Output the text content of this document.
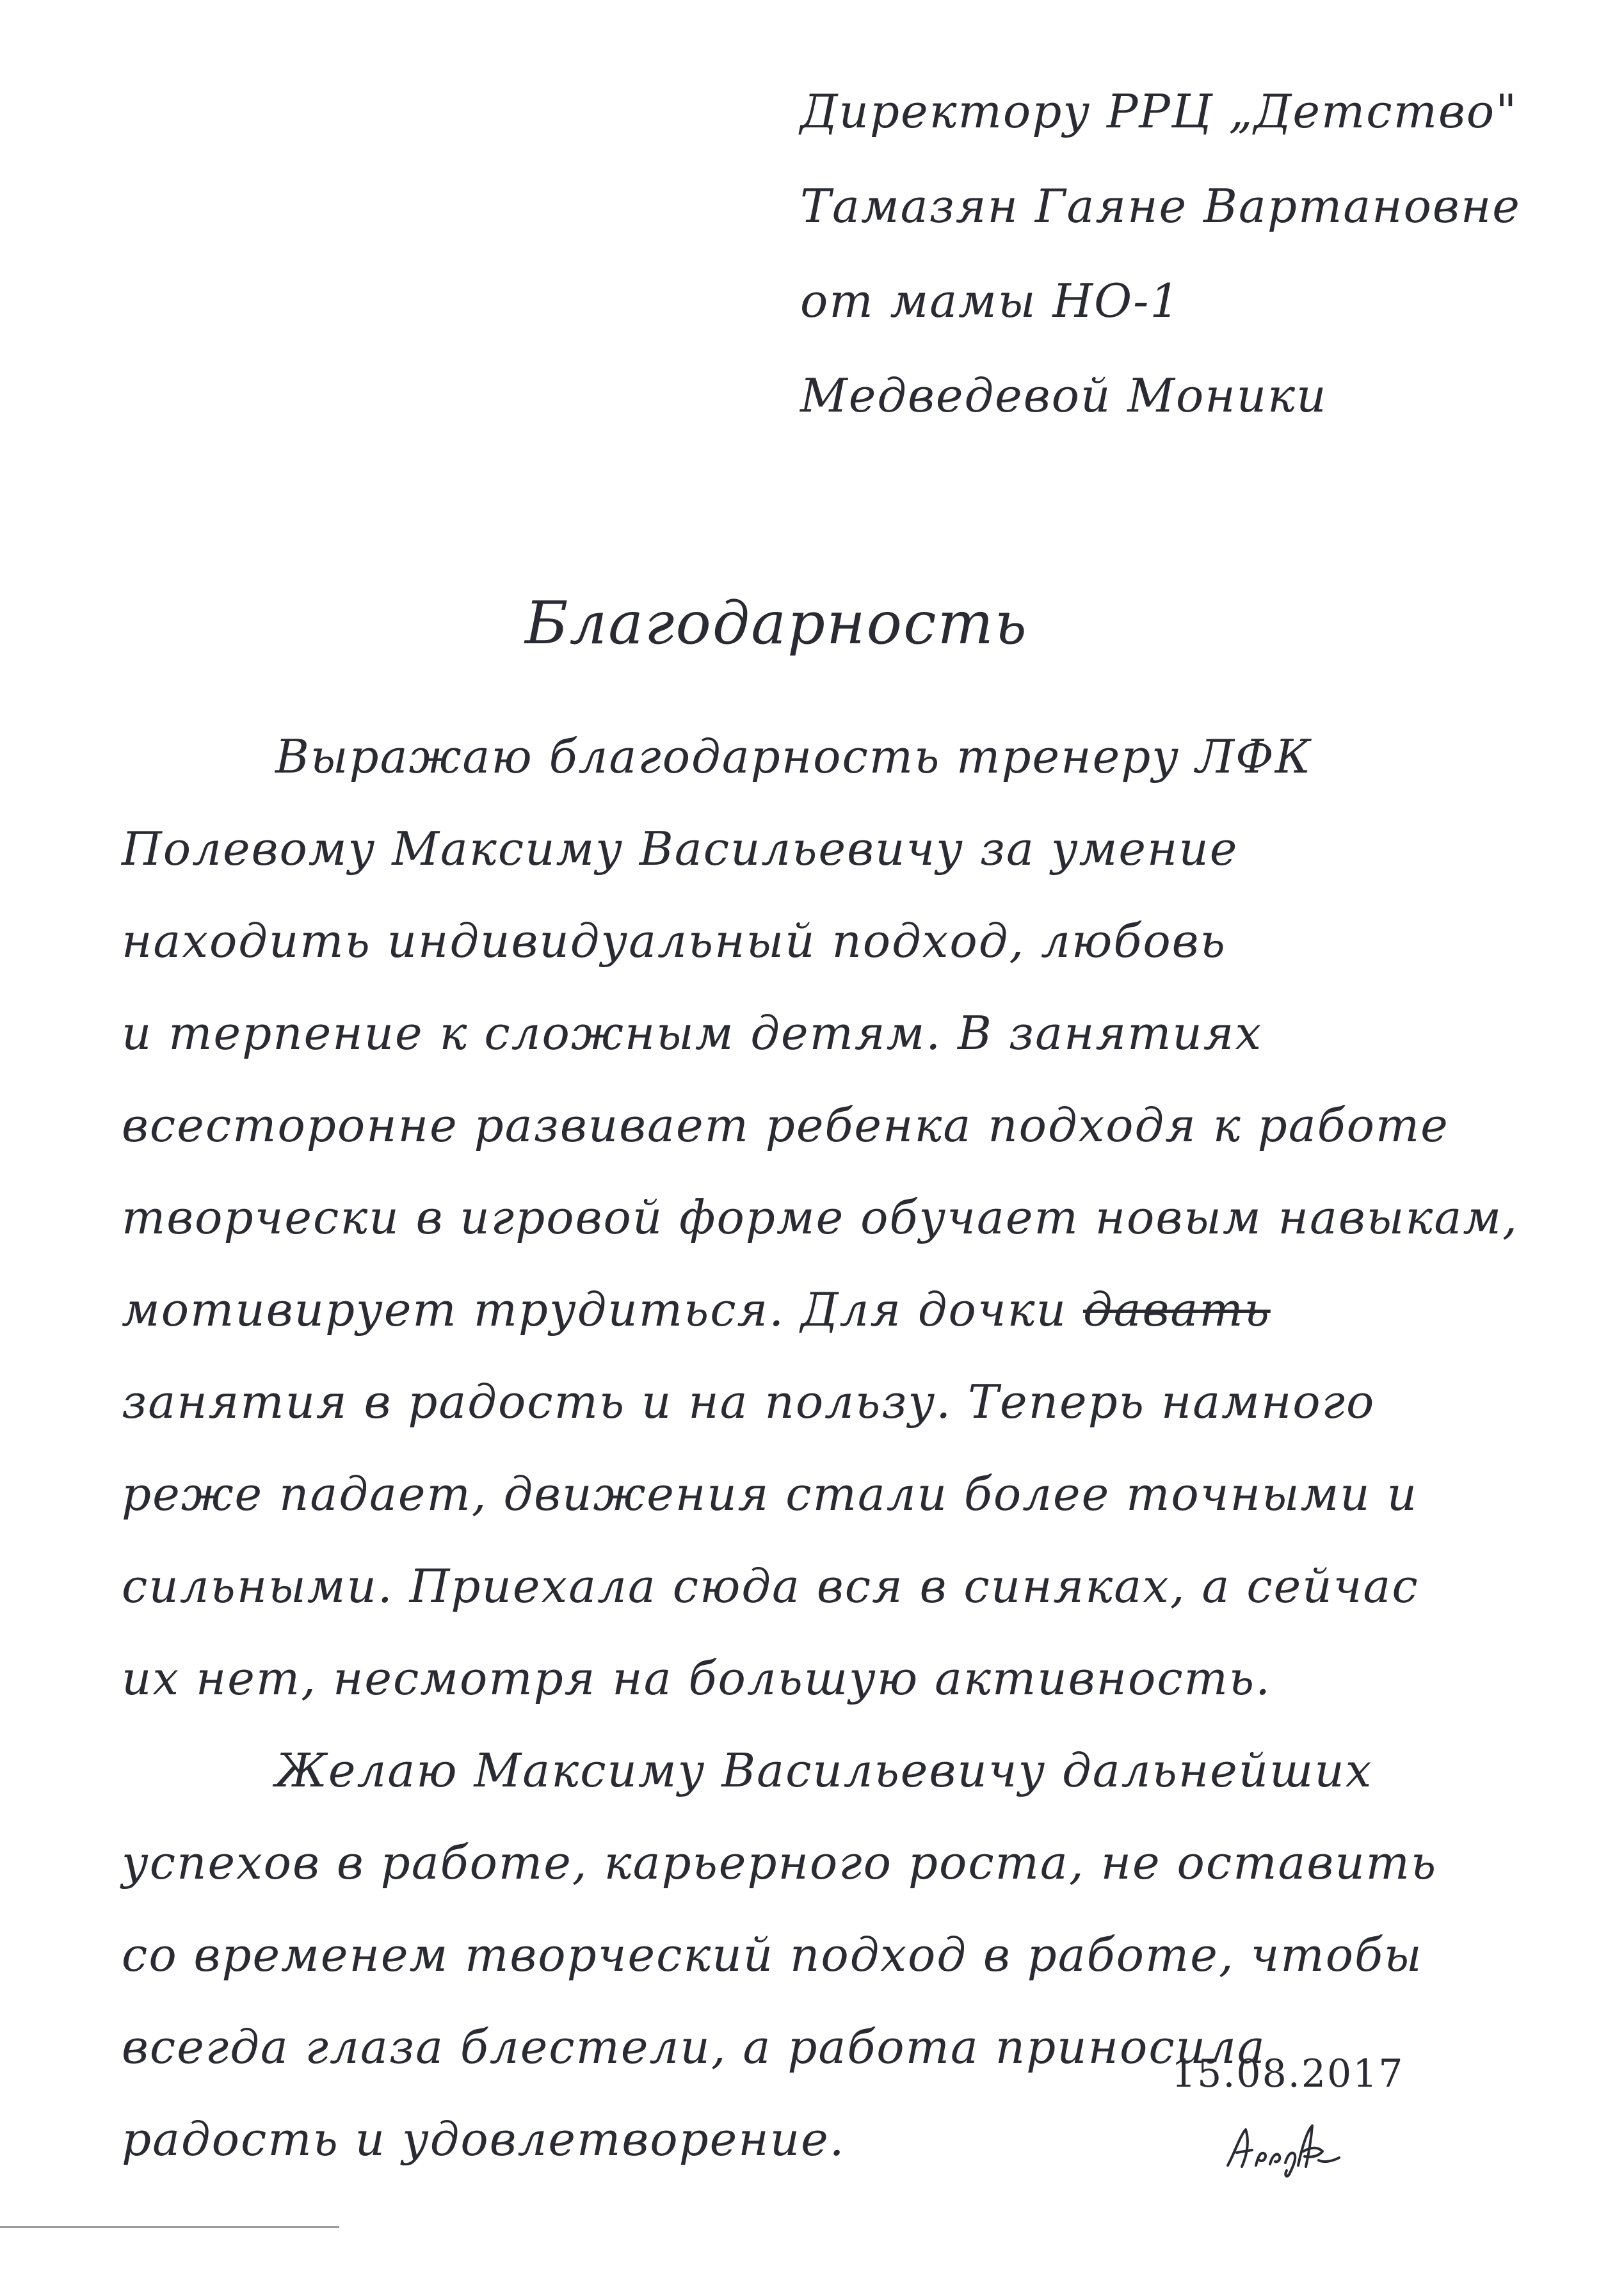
Директору РРЦ „Детство"
Тамазян Гаяне Вартановне
от мамы НО-1
Медведевой Моники
Благодарность
Выражаю благодарность тренеру ЛФК
Полевому Максиму Васильевичу за умение
находить индивидуальный подход, любовь
и терпение к сложным детям. В занятиях
всесторонне развивает ребенка подходя к работе
творчески в игровой форме обучает новым навыкам,
мотивирует трудиться. Для дочки давать
занятия в радость и на пользу. Теперь намного
реже падает, движения стали более точными и
сильными. Приехала сюда вся в синяках, а сейчас
их нет, несмотря на большую активность.
Желаю Максиму Васильевичу дальнейших
успехов в работе, карьерного роста, не оставить
со временем творческий подход в работе, чтобы
всегда глаза блестели, а работа приносила
радость и удовлетворение.
15.08.2017
